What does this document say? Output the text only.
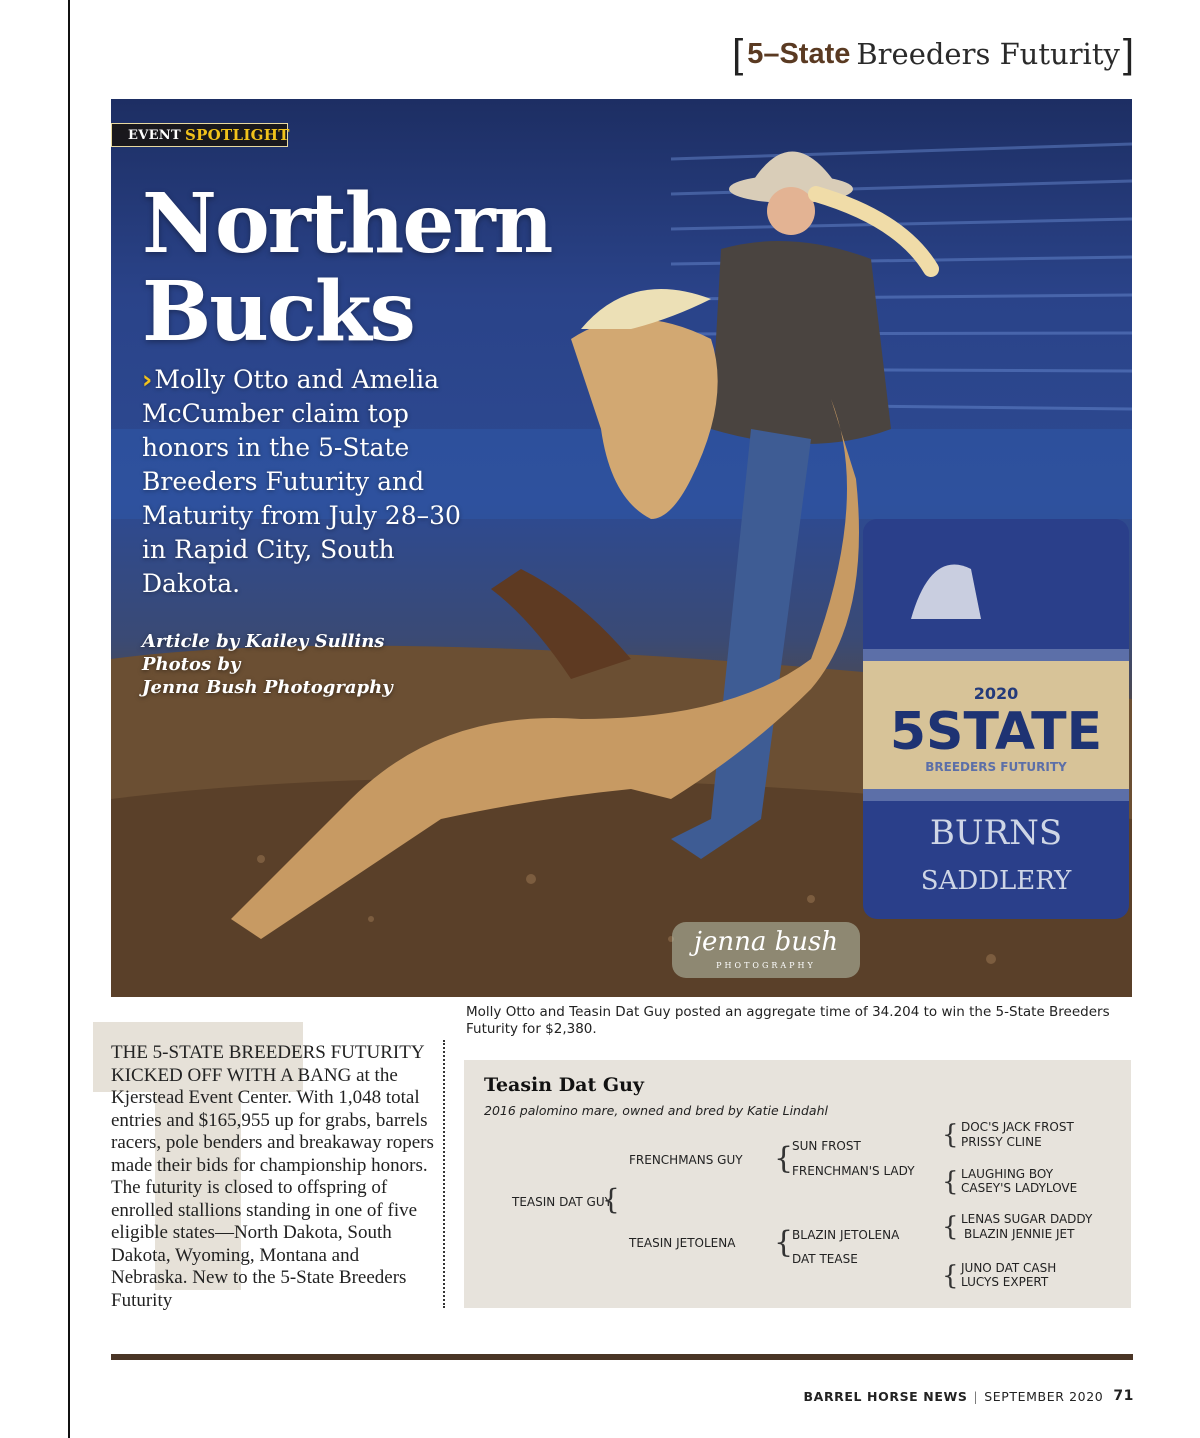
[ 5–State Breeders Futurity ]
2020
5STATE
BREEDERS FUTURITY
BURNS
SADDLERY
EVENT SPOTLIGHT
Northern
Bucks
›Molly Otto and Amelia McCumber claim top honors in the 5-State Breeders Futurity and Maturity from July 28–30 in Rapid City, South Dakota.
Article by Kailey Sullins
Photos by
Jenna Bush Photography
jenna bush
PHOTOGRAPHY
Molly Otto and Teasin Dat Guy posted an aggregate time of 34.204 to win the 5-State Breeders Futurity for $2,380.
THE 5-STATE BREEDERS FUTURITY KICKED OFF WITH A BANG at the Kjerstead Event Center. With 1,048 total entries and $165,955 up for grabs, barrels racers, pole benders and breakaway ropers made their bids for championship honors. The futurity is closed to offspring of enrolled stallions standing in one of five eligible states—North Dakota, South Dakota, Wyoming, Montana and Nebraska. New to the 5-State Breeders Futurity
Teasin Dat Guy
2016 palomino mare, owned and bred by Katie Lindahl
TEASIN DAT GUY
{
FRENCHMANS GUY
TEASIN JETOLENA
{
{
SUN FROST
FRENCHMAN'S LADY
BLAZIN JETOLENA
DAT TEASE
{
{
{
{
DOC'S JACK FROST
PRISSY CLINE
LAUGHING BOY
CASEY'S LADYLOVE
LENAS SUGAR DADDY
BLAZIN JENNIE JET
JUNO DAT CASH
LUCYS EXPERT
BARREL HORSE NEWS | SEPTEMBER 2020 71
